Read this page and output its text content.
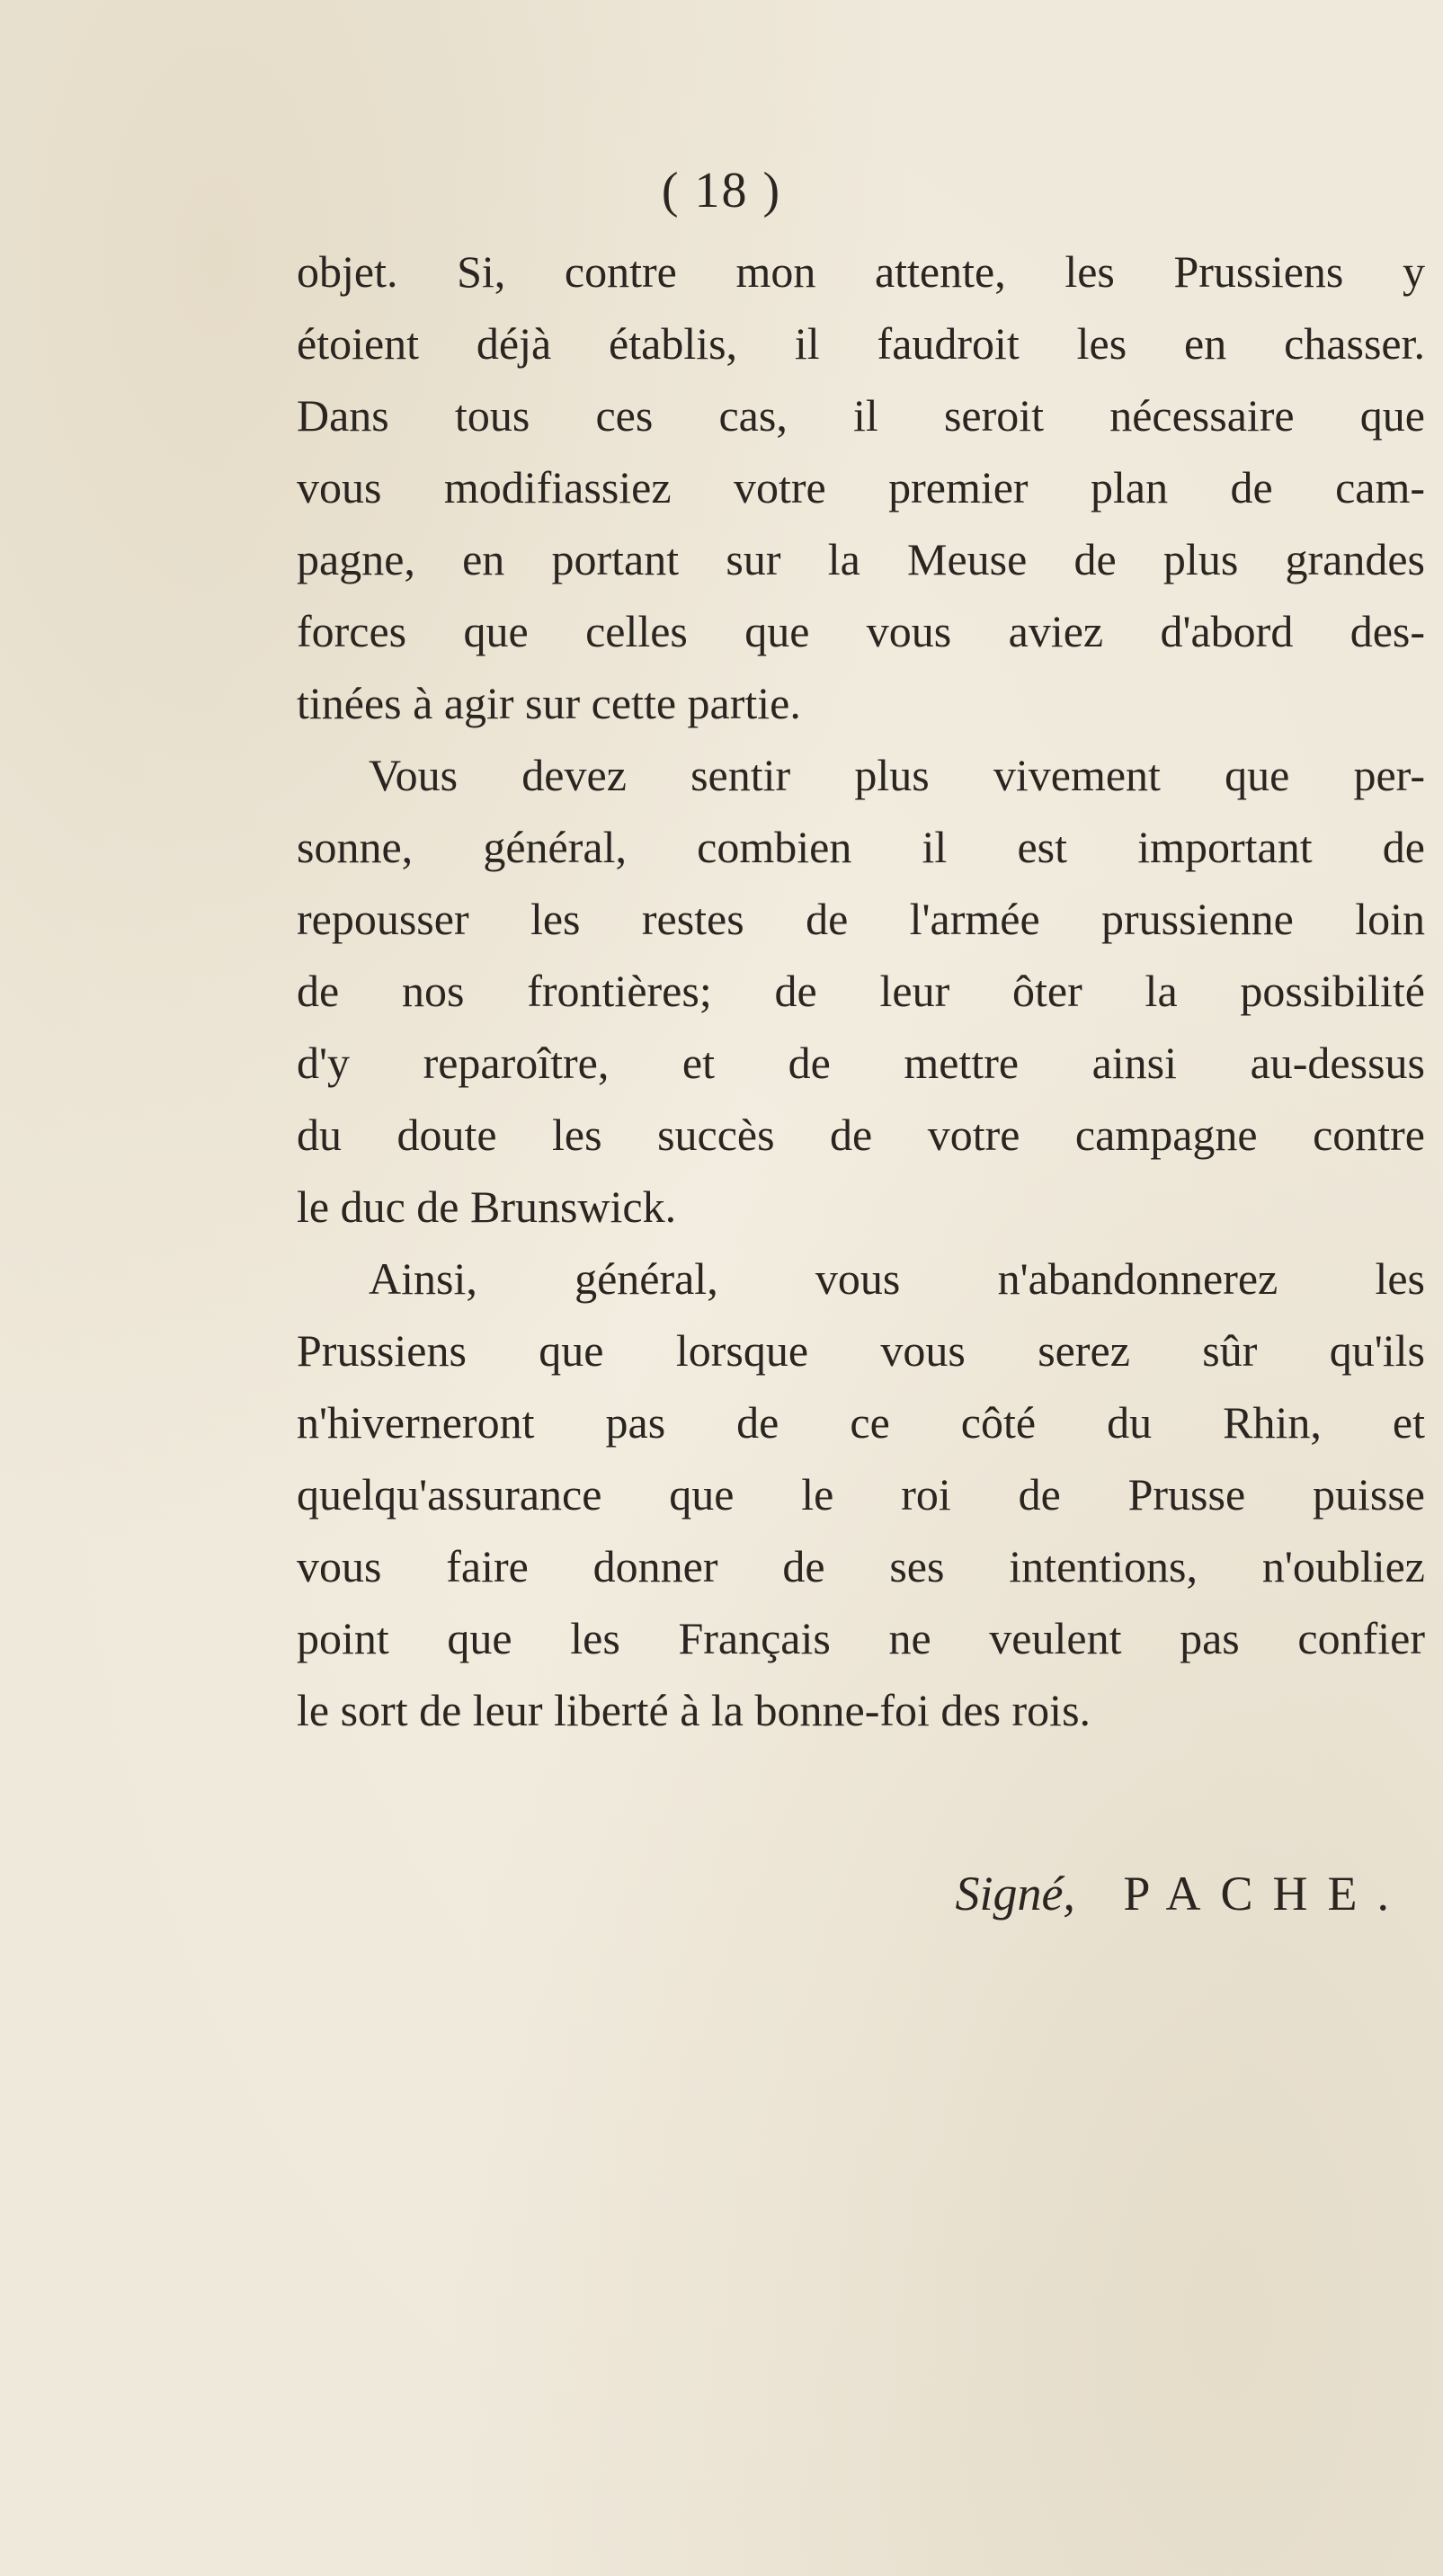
( 18 )
objet. Si, contre mon attente, les Prussiens y
étoient déjà établis, il faudroit les en chasser.
Dans tous ces cas, il seroit nécessaire que
vous modifiassiez votre premier plan de cam-
pagne, en portant sur la Meuse de plus grandes
forces que celles que vous aviez d'abord des-
tinées à agir sur cette partie.
Vous devez sentir plus vivement que per-
sonne, général, combien il est important de
repousser les restes de l'armée prussienne loin
de nos frontières; de leur ôter la possibilité
d'y reparoître, et de mettre ainsi au-dessus
du doute les succès de votre campagne contre
le duc de Brunswick.
Ainsi, général, vous n'abandonnerez les
Prussiens que lorsque vous serez sûr qu'ils
n'hiverneront pas de ce côté du Rhin, et
quelqu'assurance que le roi de Prusse puisse
vous faire donner de ses intentions, n'oubliez
point que les Français ne veulent pas confier
le sort de leur liberté à la bonne-foi des rois.
Signé, PACHE.
